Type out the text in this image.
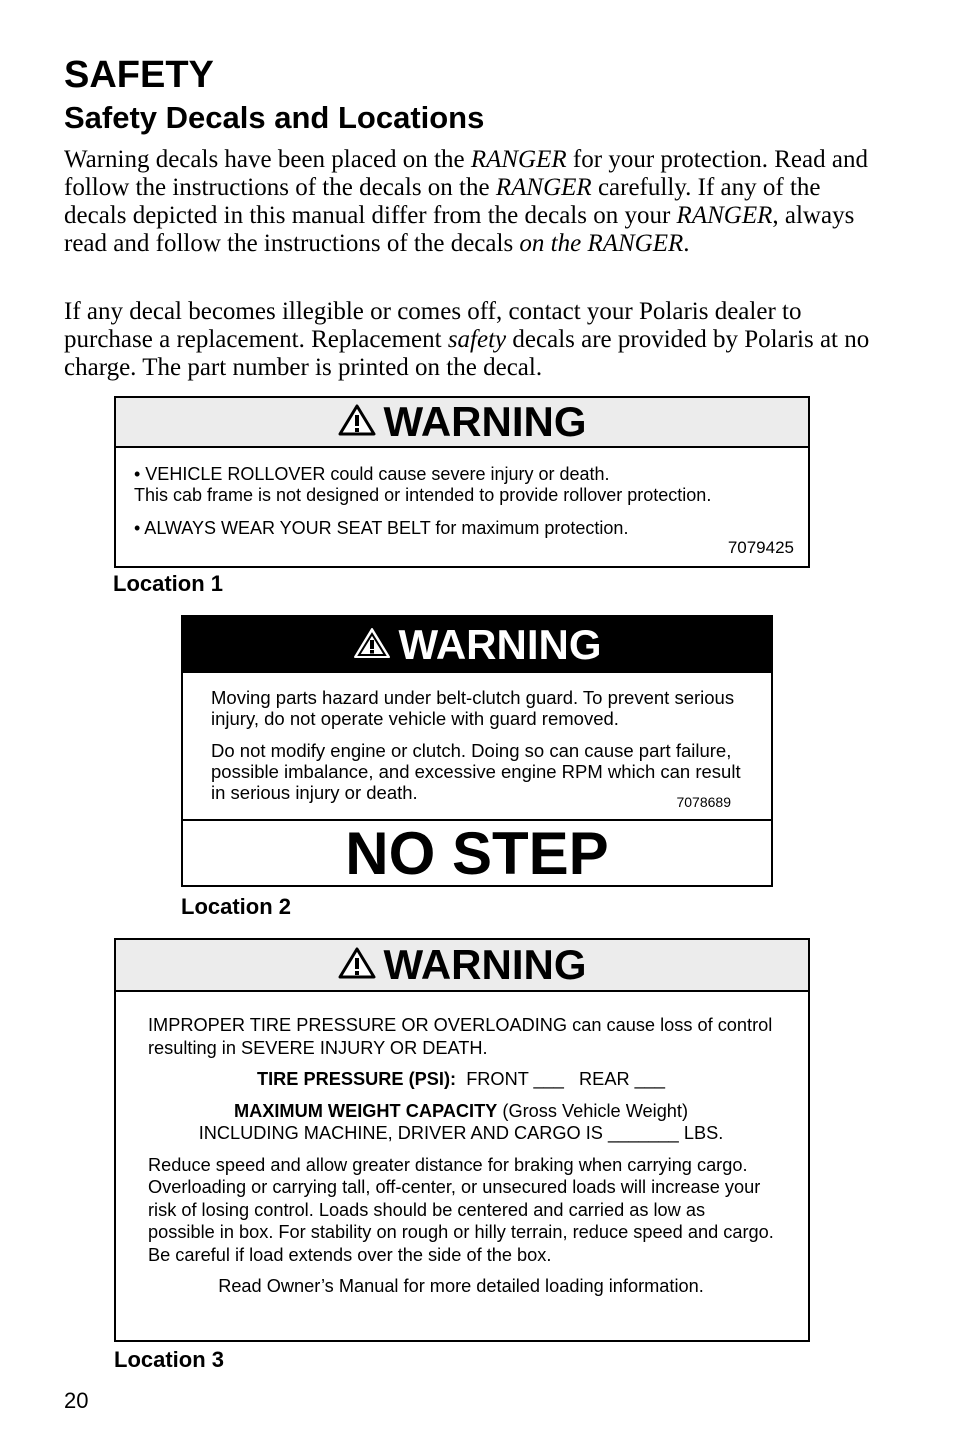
SAFETY
Safety Decals and Locations

Warning decals have been placed on the RANGER for your protection. Read and follow the instructions of the decals on the RANGER carefully. If any of the decals depicted in this manual differ from the decals on your RANGER, always read and follow the instructions of the decals on the RANGER.

If any decal becomes illegible or comes off, contact your Polaris dealer to purchase a replacement. Replacement safety decals are provided by Polaris at no charge. The part number is printed on the decal.

WARNING

• VEHICLE ROLLOVER could cause severe injury or death.

This cab frame is not designed or intended to provide rollover protection.

• ALWAYS WEAR YOUR SEAT BELT for maximum protection.

7079425

Location 1

WARNING

Moving parts hazard under belt-clutch guard. To prevent serious injury, do not operate vehicle with guard removed.

Do not modify engine or clutch. Doing so can cause part failure, possible imbalance, and excessive engine RPM which can result in serious injury or death.	7078689
NO STEP

Location 2

WARNING

IMPROPER TIRE PRESSURE OR OVERLOADING can cause loss of control resulting in SEVERE INJURY OR DEATH.

TIRE PRESSURE (PSI): FRONT ___   REAR ___

MAXIMUM WEIGHT CAPACITY (Gross Vehicle Weight)

INCLUDING MACHINE, DRIVER AND CARGO IS _______ LBS.

Reduce speed and allow greater distance for braking when carrying cargo. Overloading or carrying tall, off-center, or unsecured loads will increase your risk of losing control. Loads should be centered and carried as low as possible in box. For stability on rough or hilly terrain, reduce speed and cargo. Be careful if load extends over the side of the box.

Read Owner’s Manual for more detailed loading information.

Location 3

20
